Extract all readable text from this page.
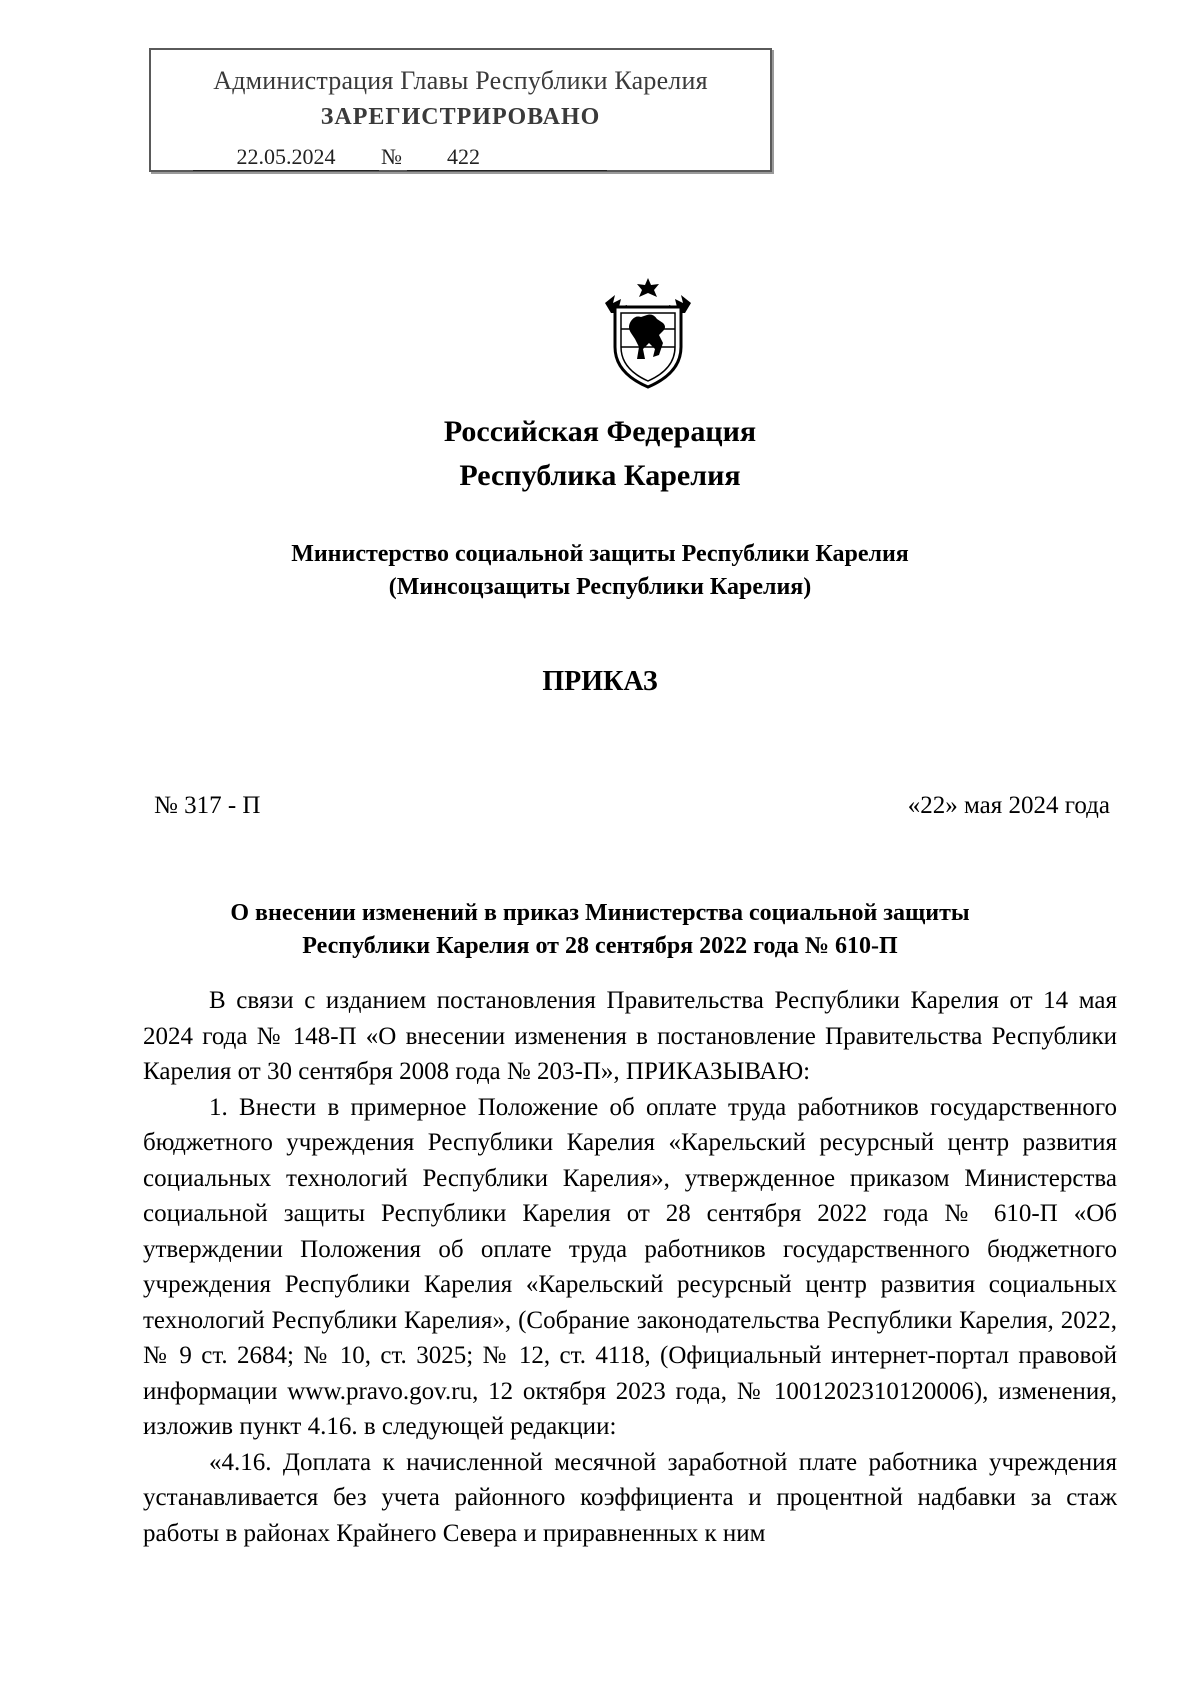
Администрация Главы Республики Карелия
ЗАРЕГИСТРИРОВАНО
22.05.2024	№	422
Российская Федерация
Республика Карелия
Министерство социальной защиты Республики Карелия
(Минсоцзащиты Республики Карелия)
ПРИКАЗ
№ 317 - П	«22» мая 2024 года
О внесении изменений в приказ Министерства социальной защиты
Республики Карелия от 28 сентября 2022 года № 610-П

В связи с изданием постановления Правительства Республики Карелия от 14 мая 2024 года № 148-П «О внесении изменения в постановление Правительства Республики Карелия от 30 сентября 2008 года № 203-П», ПРИКАЗЫВАЮ:

1. Внести в примерное Положение об оплате труда работников государственного бюджетного учреждения Республики Карелия «Карельский ресурсный центр развития социальных технологий Республики Карелия», утвержденное приказом Министерства социальной защиты Республики Карелия от 28 сентября 2022 года № 610-П «Об утверждении Положения об оплате труда работников государственного бюджетного учреждения Республики Карелия «Карельский ресурсный центр развития социальных технологий Республики Карелия», (Собрание законодательства Республики Карелия, 2022, № 9 ст. 2684; № 10, ст. 3025; № 12, ст. 4118, (Официальный интернет-портал правовой информации www.pravo.gov.ru, 12 октября 2023 года, № 1001202310120006), изменения, изложив пункт 4.16. в следующей редакции:

«4.16. Доплата к начисленной месячной заработной плате работника учреждения устанавливается без учета районного коэффициента и процентной надбавки за стаж работы в районах Крайнего Севера и приравненных к ним
